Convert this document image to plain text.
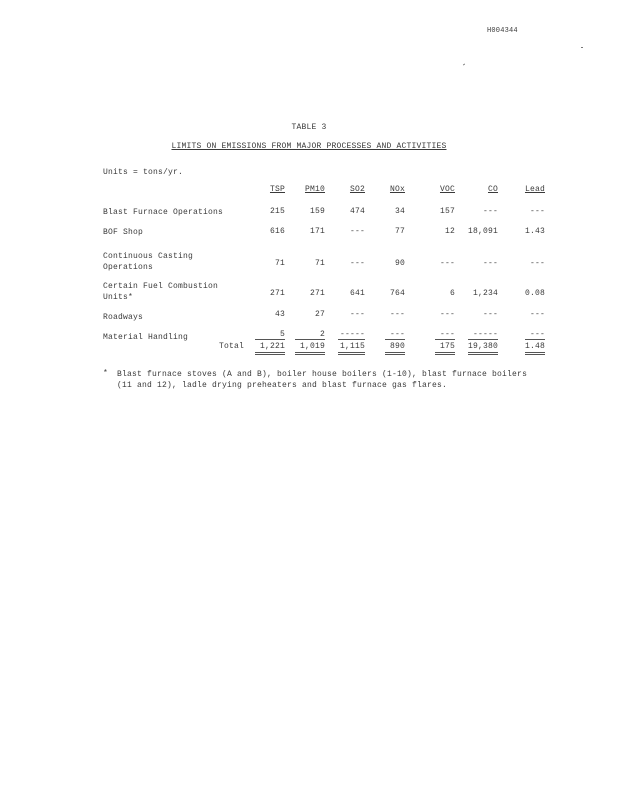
H004344
TABLE 3
LIMITS ON EMISSIONS FROM MAJOR PROCESSES AND ACTIVITIES
Units = tons/yr.
TSP	PM10	SO2	NOx	VOC	CO	Lead
Blast Furnace Operations	215	159	474	34	157	---	---
BOF Shop	616	171	---	77	12	18,091	1.43
Continuous Casting Operations	71	71	---	90	---	---	---
Certain Fuel Combustion Units*	271	271	641	764	6	1,234	0.08
Roadways	43	27	---	---	---	---	---
Material Handling	5	2	-----	---	---	-----	---
Total	1,221	1,019	1,115	890	175	19,380	1.48
* Blast furnace stoves (A and B), boiler house boilers (1-10), blast furnace boilers (11 and 12), ladle drying preheaters and blast furnace gas flares.
